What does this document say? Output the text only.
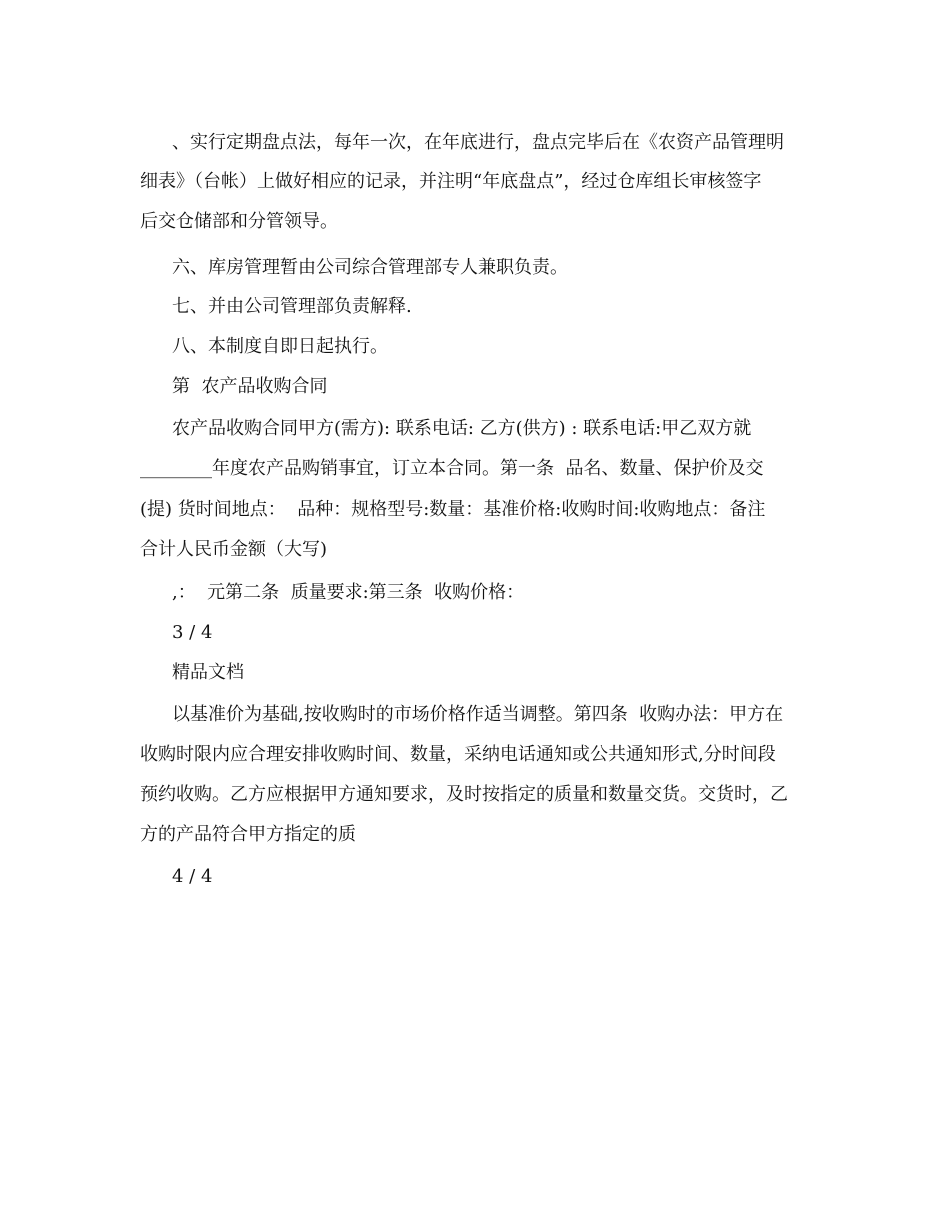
、实行定期盘点法，每年一次，在年底进行，盘点完毕后在《农资产品管理明
细表》（台帐）上做好相应的记录，并注明“年底盘点”，经过仓库组长审核签字
后交仓储部和分管领导。
六、库房管理暂由公司综合管理部专人兼职负责。
七、并由公司管理部负责解释.
八、本制度自即日起执行。
第  农产品收购合同
农产品收购合同甲方(需方): 联系电话: 乙方(供方) : 联系电话:甲乙双方就
________年度农产品购销事宜，订立本合同。第一条  品名、数量、保护价及交
(提) 货时间地点：  品种：规格型号:数量：基准价格:收购时间:收购地点：备注
合计人民币金额（大写)
,：  元第二条  质量要求:第三条  收购价格：
3 / 4
精品文档
以基准价为基础,按收购时的市场价格作适当调整。第四条  收购办法：甲方在
收购时限内应合理安排收购时间、数量，采纳电话通知或公共通知形式,分时间段
预约收购。乙方应根据甲方通知要求，及时按指定的质量和数量交货。交货时，乙
方的产品符合甲方指定的质
4 / 4
